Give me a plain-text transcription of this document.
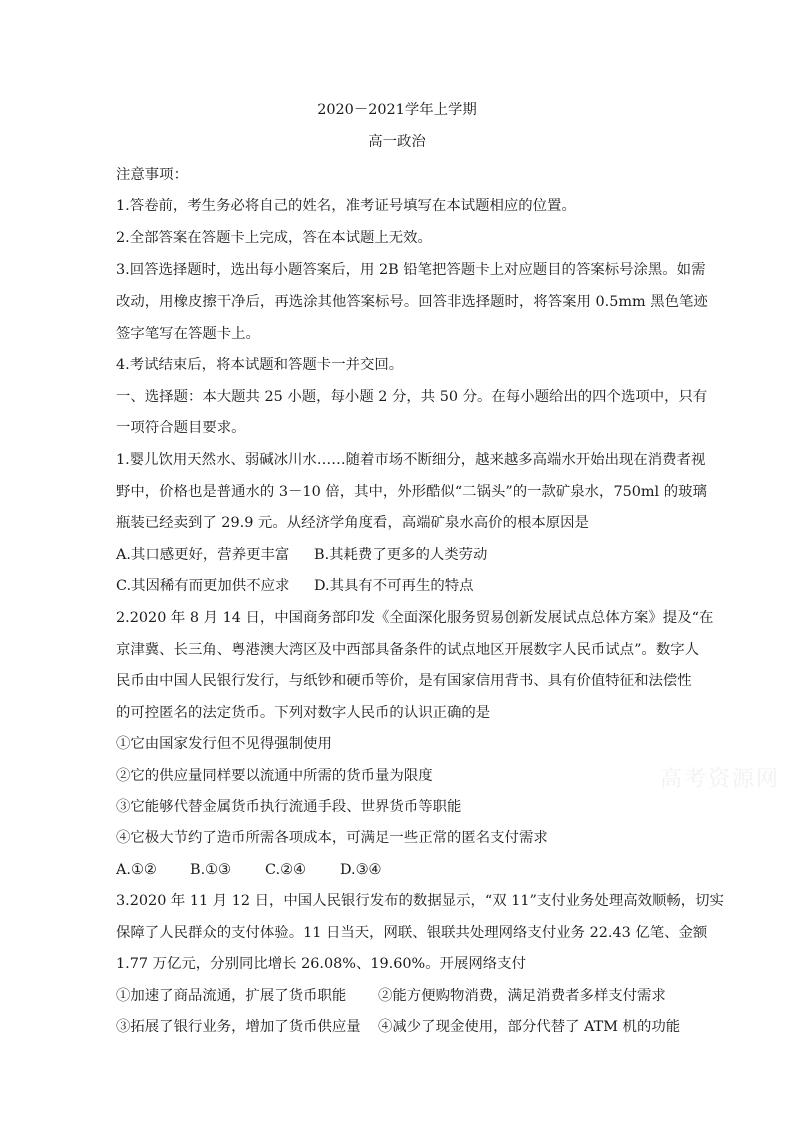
2020－2021学年上学期
高一政治
注意事项：
1.答卷前，考生务必将自己的姓名，准考证号填写在本试题相应的位置。
2.全部答案在答题卡上完成，答在本试题上无效。
3.回答选择题时，选出每小题答案后，用 2B 铅笔把答题卡上对应题目的答案标号涂黑。如需
改动，用橡皮擦干净后，再选涂其他答案标号。回答非选择题时，将答案用 0.5mm 黑色笔迹
签字笔写在答题卡上。
4.考试结束后，将本试题和答题卡一并交回。
一、选择题：本大题共 25 小题，每小题 2 分，共 50 分。在每小题给出的四个选项中，只有
一项符合题目要求。
1.婴儿饮用天然水、弱碱冰川水……随着市场不断细分，越来越多高端水开始出现在消费者视
野中，价格也是普通水的 3－10 倍，其中，外形酷似“二锅头”的一款矿泉水，750ml 的玻璃
瓶装已经卖到了 29.9 元。从经济学角度看，高端矿泉水高价的根本原因是
A.其口感更好，营养更丰富 B.其耗费了更多的人类劳动
C.其因稀有而更加供不应求 D.其具有不可再生的特点
2.2020 年 8 月 14 日，中国商务部印发《全面深化服务贸易创新发展试点总体方案》提及“在
京津冀、长三角、粤港澳大湾区及中西部具备条件的试点地区开展数字人民币试点”。数字人
民币由中国人民银行发行，与纸钞和硬币等价，是有国家信用背书、具有价值特征和法偿性
的可控匿名的法定货币。下列对数字人民币的认识正确的是
①它由国家发行但不见得强制使用
②它的供应量同样要以流通中所需的货币量为限度
③它能够代替金属货币执行流通手段、世界货币等职能
④它极大节约了造币所需各项成本，可满足一些正常的匿名支付需求
A.①② B.①③ C.②④ D.③④
3.2020 年 11 月 12 日，中国人民银行发布的数据显示，“双 11”支付业务处理高效顺畅，切实
保障了人民群众的支付体验。11 日当天，网联、银联共处理网络支付业务 22.43 亿笔、金额
1.77 万亿元，分别同比增长 26.08%、19.60%。开展网络支付
①加速了商品流通，扩展了货币职能 ②能方便购物消费，满足消费者多样支付需求
③拓展了银行业务，增加了货币供应量 ④减少了现金使用，部分代替了 ATM 机的功能
高考资源网
